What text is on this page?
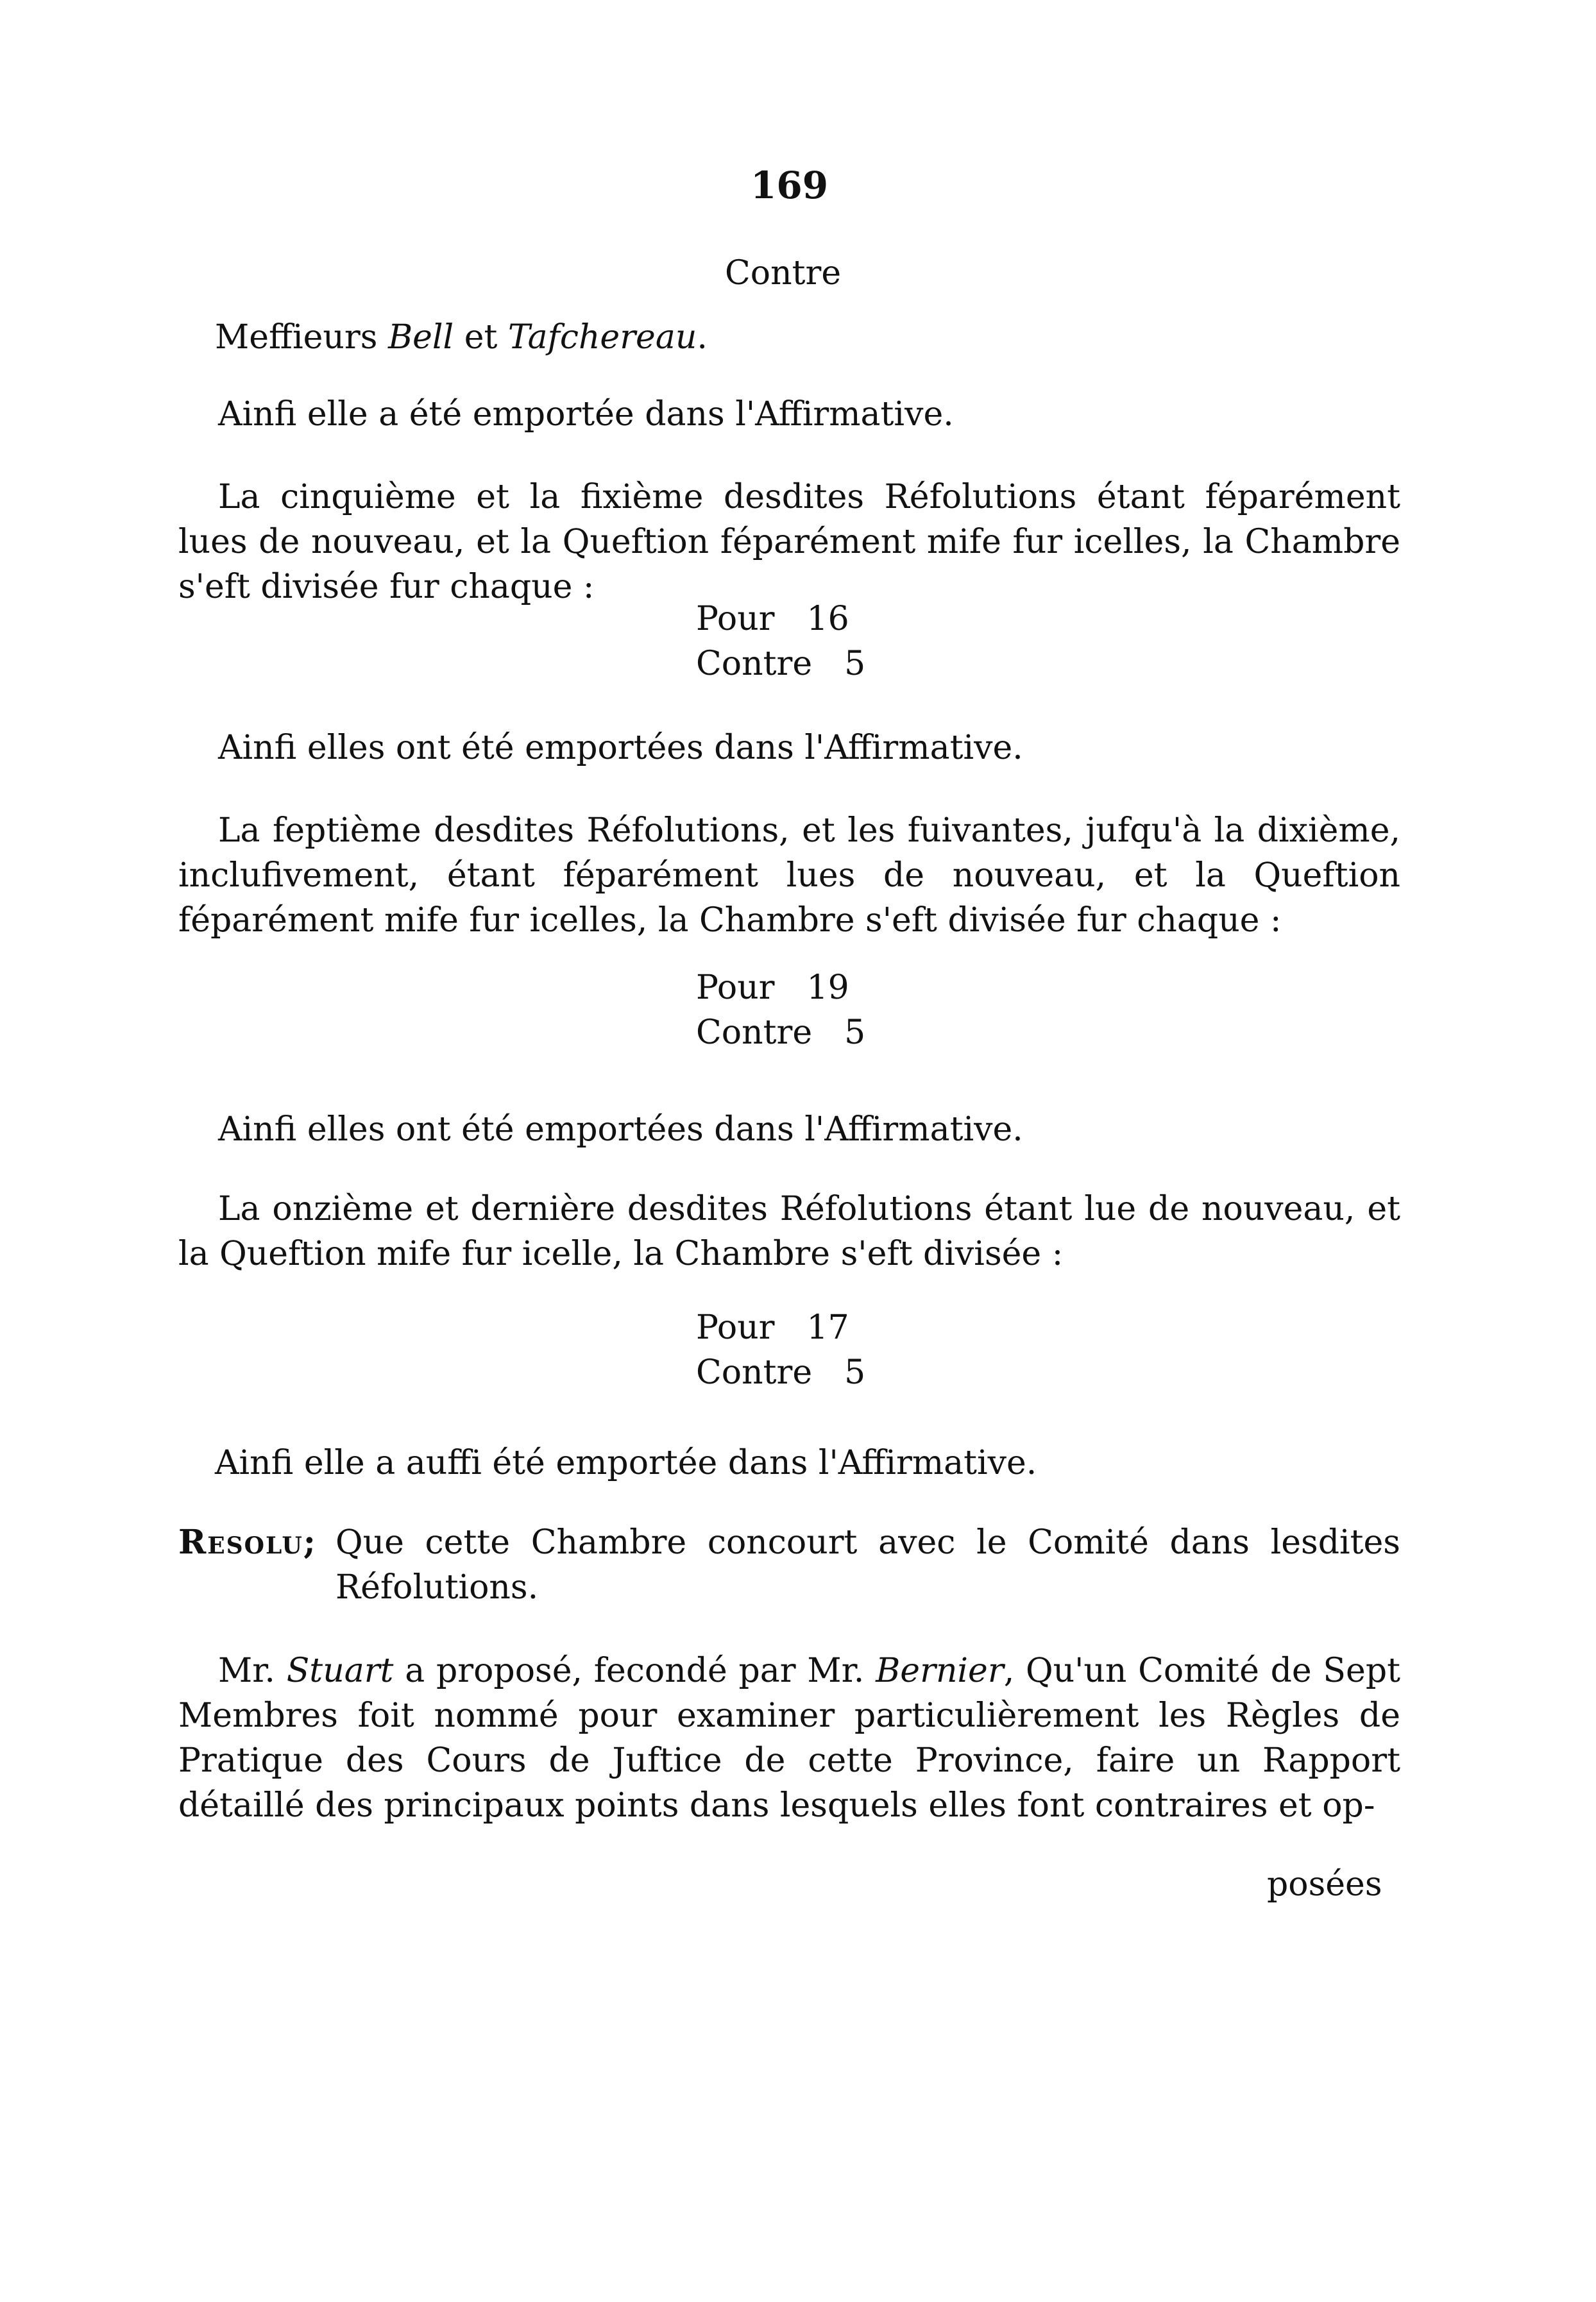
169
Contre
Meffieurs Bell et Tafchereau.
Ainfi elle a été emportée dans l'Affirmative.
La cinquième et la fixième desdites Réfolutions étant féparément lues de nouveau, et la Queftion féparément mife fur icelles, la Chambre s'eft divisée fur chaque :
Pour 16
Contre 5
Ainfi elles ont été emportées dans l'Affirmative.
La feptième desdites Réfolutions, et les fuivantes, jufqu'à la dixième, inclufivement, étant féparément lues de nouveau, et la Queftion féparément mife fur icelles, la Chambre s'eft divisée fur chaque :
Pour 19
Contre 5
Ainfi elles ont été emportées dans l'Affirmative.
La onzième et dernière desdites Réfolutions étant lue de nouveau, et la Queftion mife fur icelle, la Chambre s'eft divisée :
Pour 17
Contre 5
Ainfi elle a auffi été emportée dans l'Affirmative.
Resolu; Que cette Chambre concourt avec le Comité dans lesdites Réfolutions.
Mr. Stuart a proposé, fecondé par Mr. Bernier, Qu'un Comité de Sept Membres foit nommé pour examiner particulièrement les Règles de Pratique des Cours de Juftice de cette Province, faire un Rapport détaillé des principaux points dans lesquels elles font contraires et op-
posées
